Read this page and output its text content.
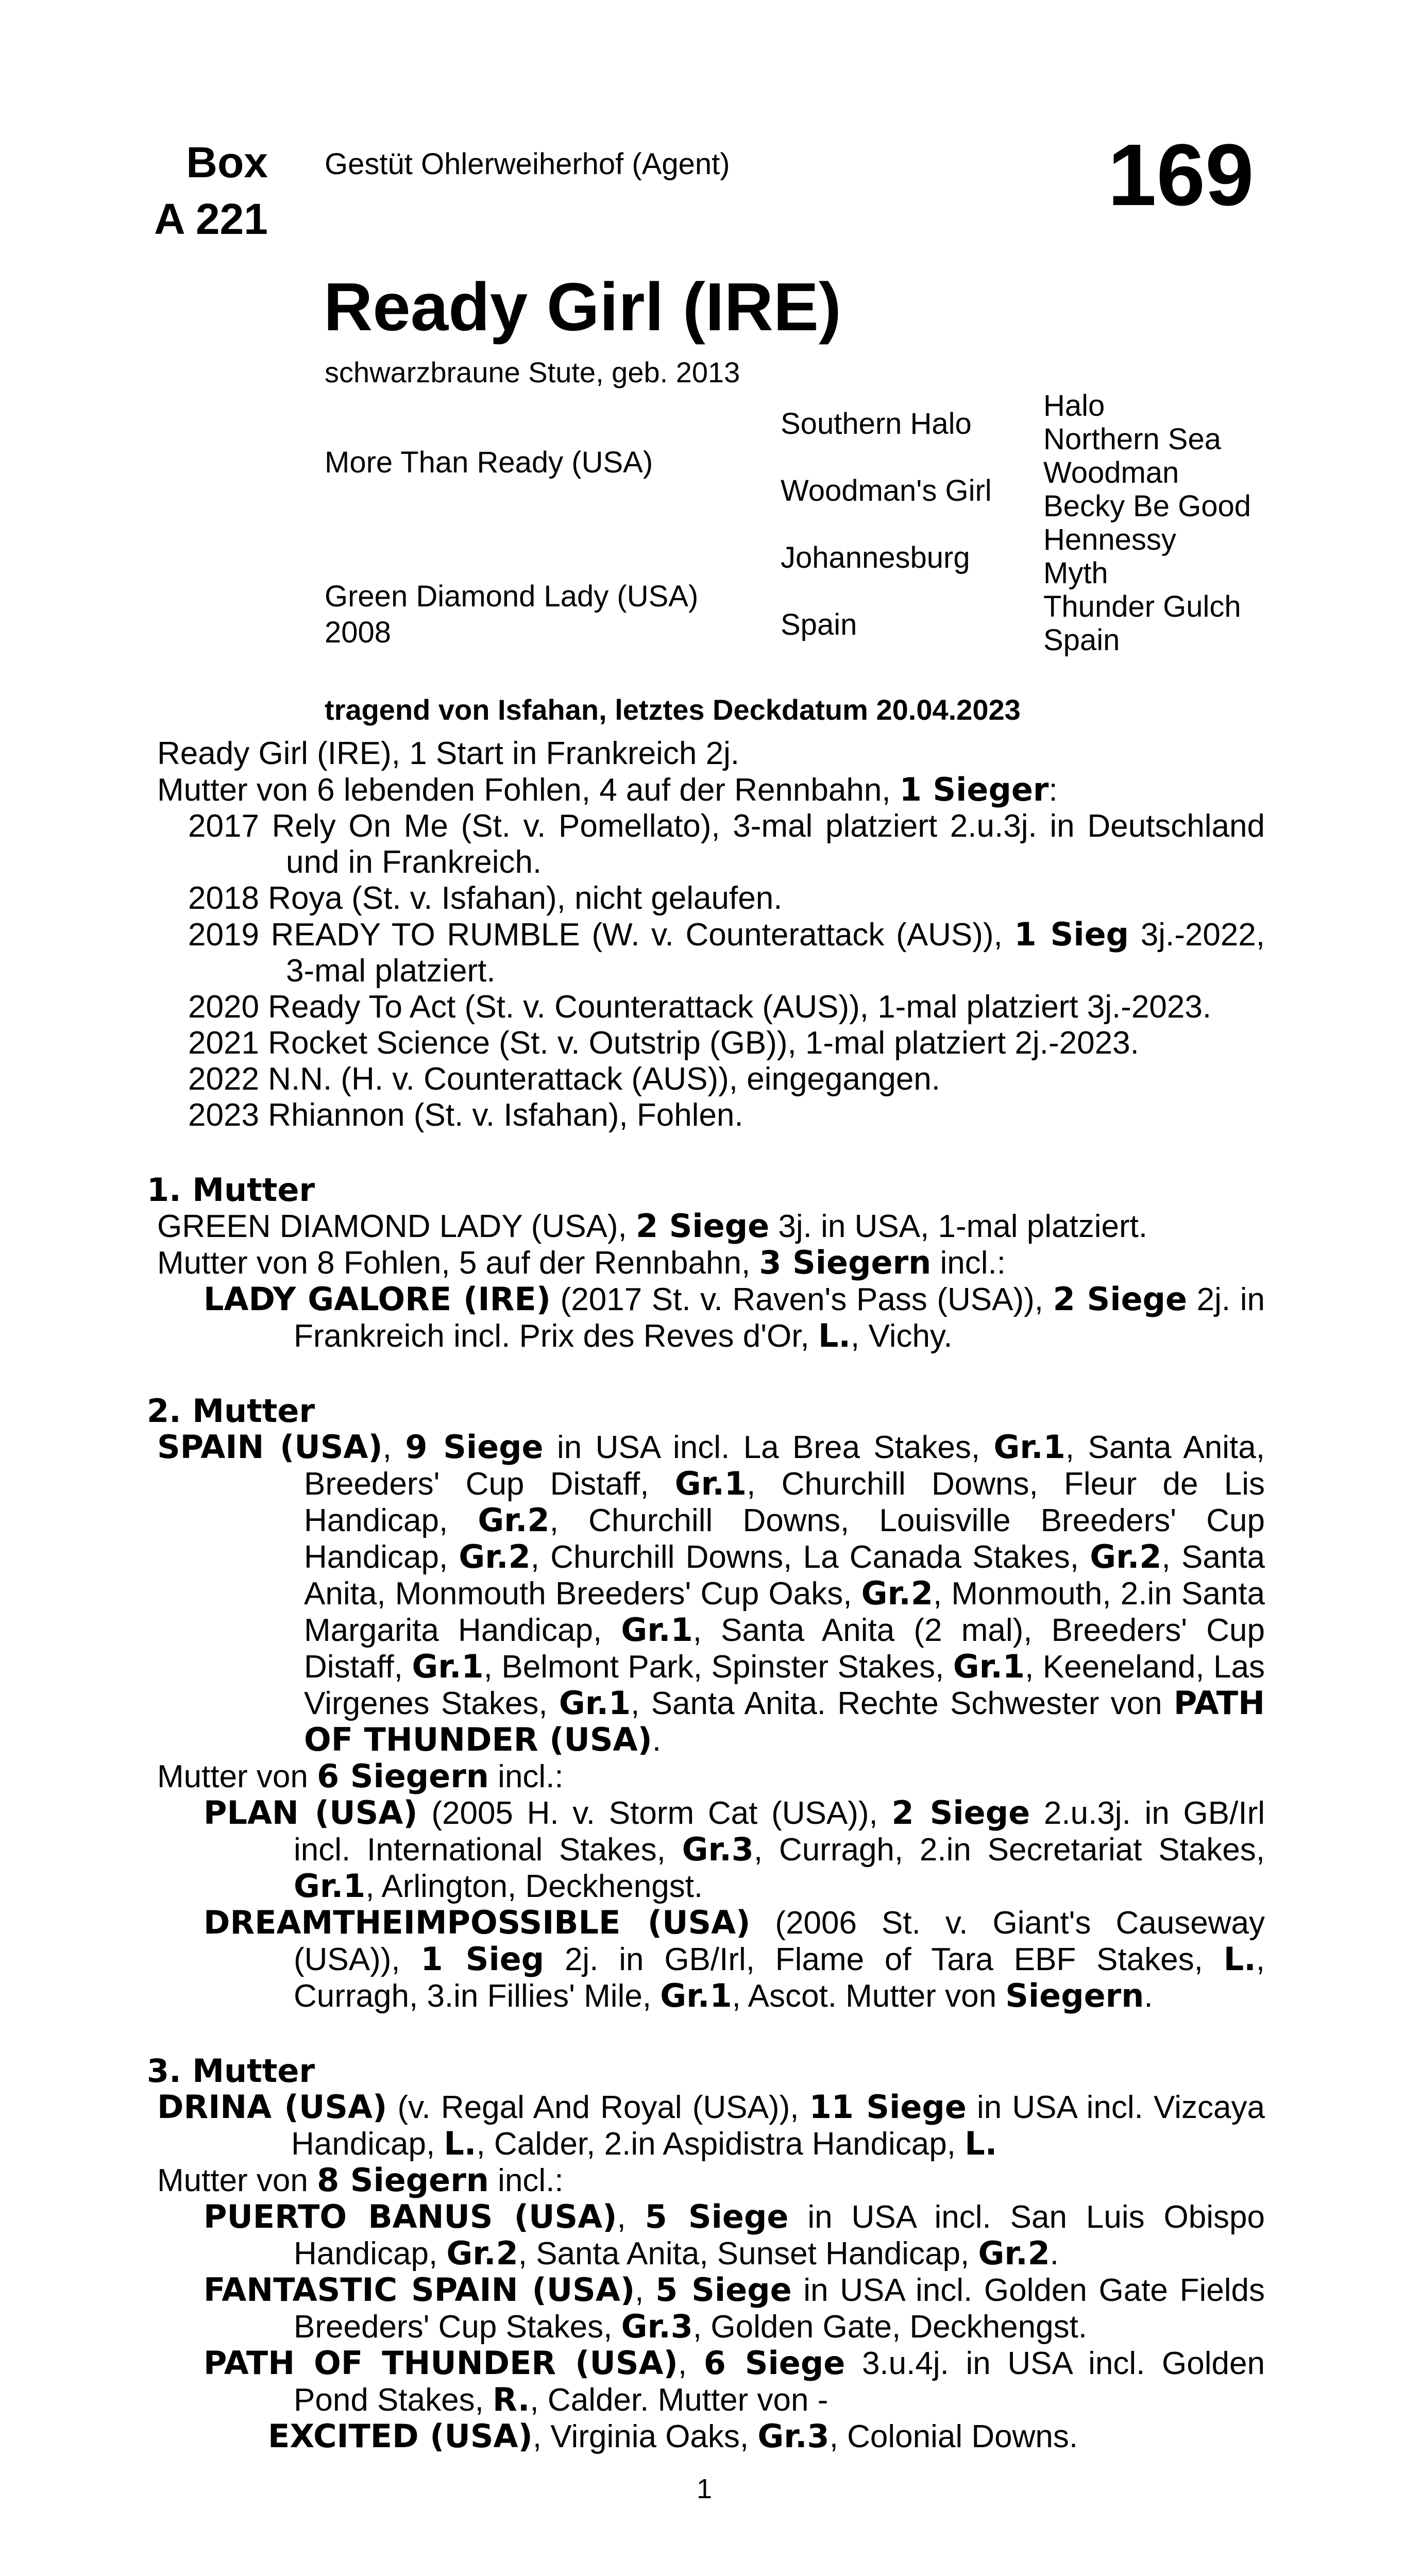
Box
A 221
Gestüt Ohlerweiherhof (Agent)	169
Ready Girl (IRE)
schwarzbraune Stute, geb. 2013
More Than Ready (USA)
Green Diamond Lady (USA)
2008
Southern Halo
Woodman's Girl
Johannesburg
Spain
Halo
Northern Sea
Woodman
Becky Be Good
Hennessy
Myth
Thunder Gulch
Spain
tragend von Isfahan, letztes Deckdatum 20.04.2023
Ready Girl (IRE), 1 Start in Frankreich 2j.
Mutter von 6 lebenden Fohlen, 4 auf der Rennbahn, 1 Sieger:
2017 Rely On Me (St. v. Pomellato), 3-mal platziert 2.u.3j. in Deutschland und in Frankreich.
2018 Roya (St. v. Isfahan), nicht gelaufen.
2019 READY TO RUMBLE (W. v. Counterattack (AUS)), 1 Sieg 3j.-2022, 3-mal platziert.
2020 Ready To Act (St. v. Counterattack (AUS)), 1-mal platziert 3j.-2023.
2021 Rocket Science (St. v. Outstrip (GB)), 1-mal platziert 2j.-2023.
2022 N.N. (H. v. Counterattack (AUS)), eingegangen.
2023 Rhiannon (St. v. Isfahan), Fohlen.
1. Mutter
GREEN DIAMOND LADY (USA), 2 Siege 3j. in USA, 1-mal platziert.
Mutter von 8 Fohlen, 5 auf der Rennbahn, 3 Siegern incl.:
LADY GALORE (IRE) (2017 St. v. Raven's Pass (USA)), 2 Siege 2j. in Frankreich incl. Prix des Reves d'Or, L., Vichy.
2. Mutter
SPAIN (USA), 9 Siege in USA incl. La Brea Stakes, Gr.1, Santa Anita, Breeders' Cup Distaff, Gr.1, Churchill Downs, Fleur de Lis Handicap, Gr.2, Churchill Downs, Louisville Breeders' Cup Handicap, Gr.2, Churchill Downs, La Canada Stakes, Gr.2, Santa Anita, Monmouth Breeders' Cup Oaks, Gr.2, Monmouth, 2.in Santa Margarita Handicap, Gr.1, Santa Anita (2 mal), Breeders' Cup Distaff, Gr.1, Belmont Park, Spinster Stakes, Gr.1, Keeneland, Las Virgenes Stakes, Gr.1, Santa Anita. Rechte Schwester von PATH OF THUNDER (USA).
Mutter von 6 Siegern incl.:
PLAN (USA) (2005 H. v. Storm Cat (USA)), 2 Siege 2.u.3j. in GB/Irl incl. International Stakes, Gr.3, Curragh, 2.in Secretariat Stakes, Gr.1, Arlington, Deckhengst.
DREAMTHEIMPOSSIBLE (USA) (2006 St. v. Giant's Causeway (USA)), 1 Sieg 2j. in GB/Irl, Flame of Tara EBF Stakes, L., Curragh, 3.in Fillies' Mile, Gr.1, Ascot. Mutter von Siegern.
3. Mutter
DRINA (USA) (v. Regal And Royal (USA)), 11 Siege in USA incl. Vizcaya Handicap, L., Calder, 2.in Aspidistra Handicap, L.
Mutter von 8 Siegern incl.:
PUERTO BANUS (USA), 5 Siege in USA incl. San Luis Obispo Handicap, Gr.2, Santa Anita, Sunset Handicap, Gr.2.
FANTASTIC SPAIN (USA), 5 Siege in USA incl. Golden Gate Fields Breeders' Cup Stakes, Gr.3, Golden Gate, Deckhengst.
PATH OF THUNDER (USA), 6 Siege 3.u.4j. in USA incl. Golden Pond Stakes, R., Calder. Mutter von -
EXCITED (USA), Virginia Oaks, Gr.3, Colonial Downs.
1
